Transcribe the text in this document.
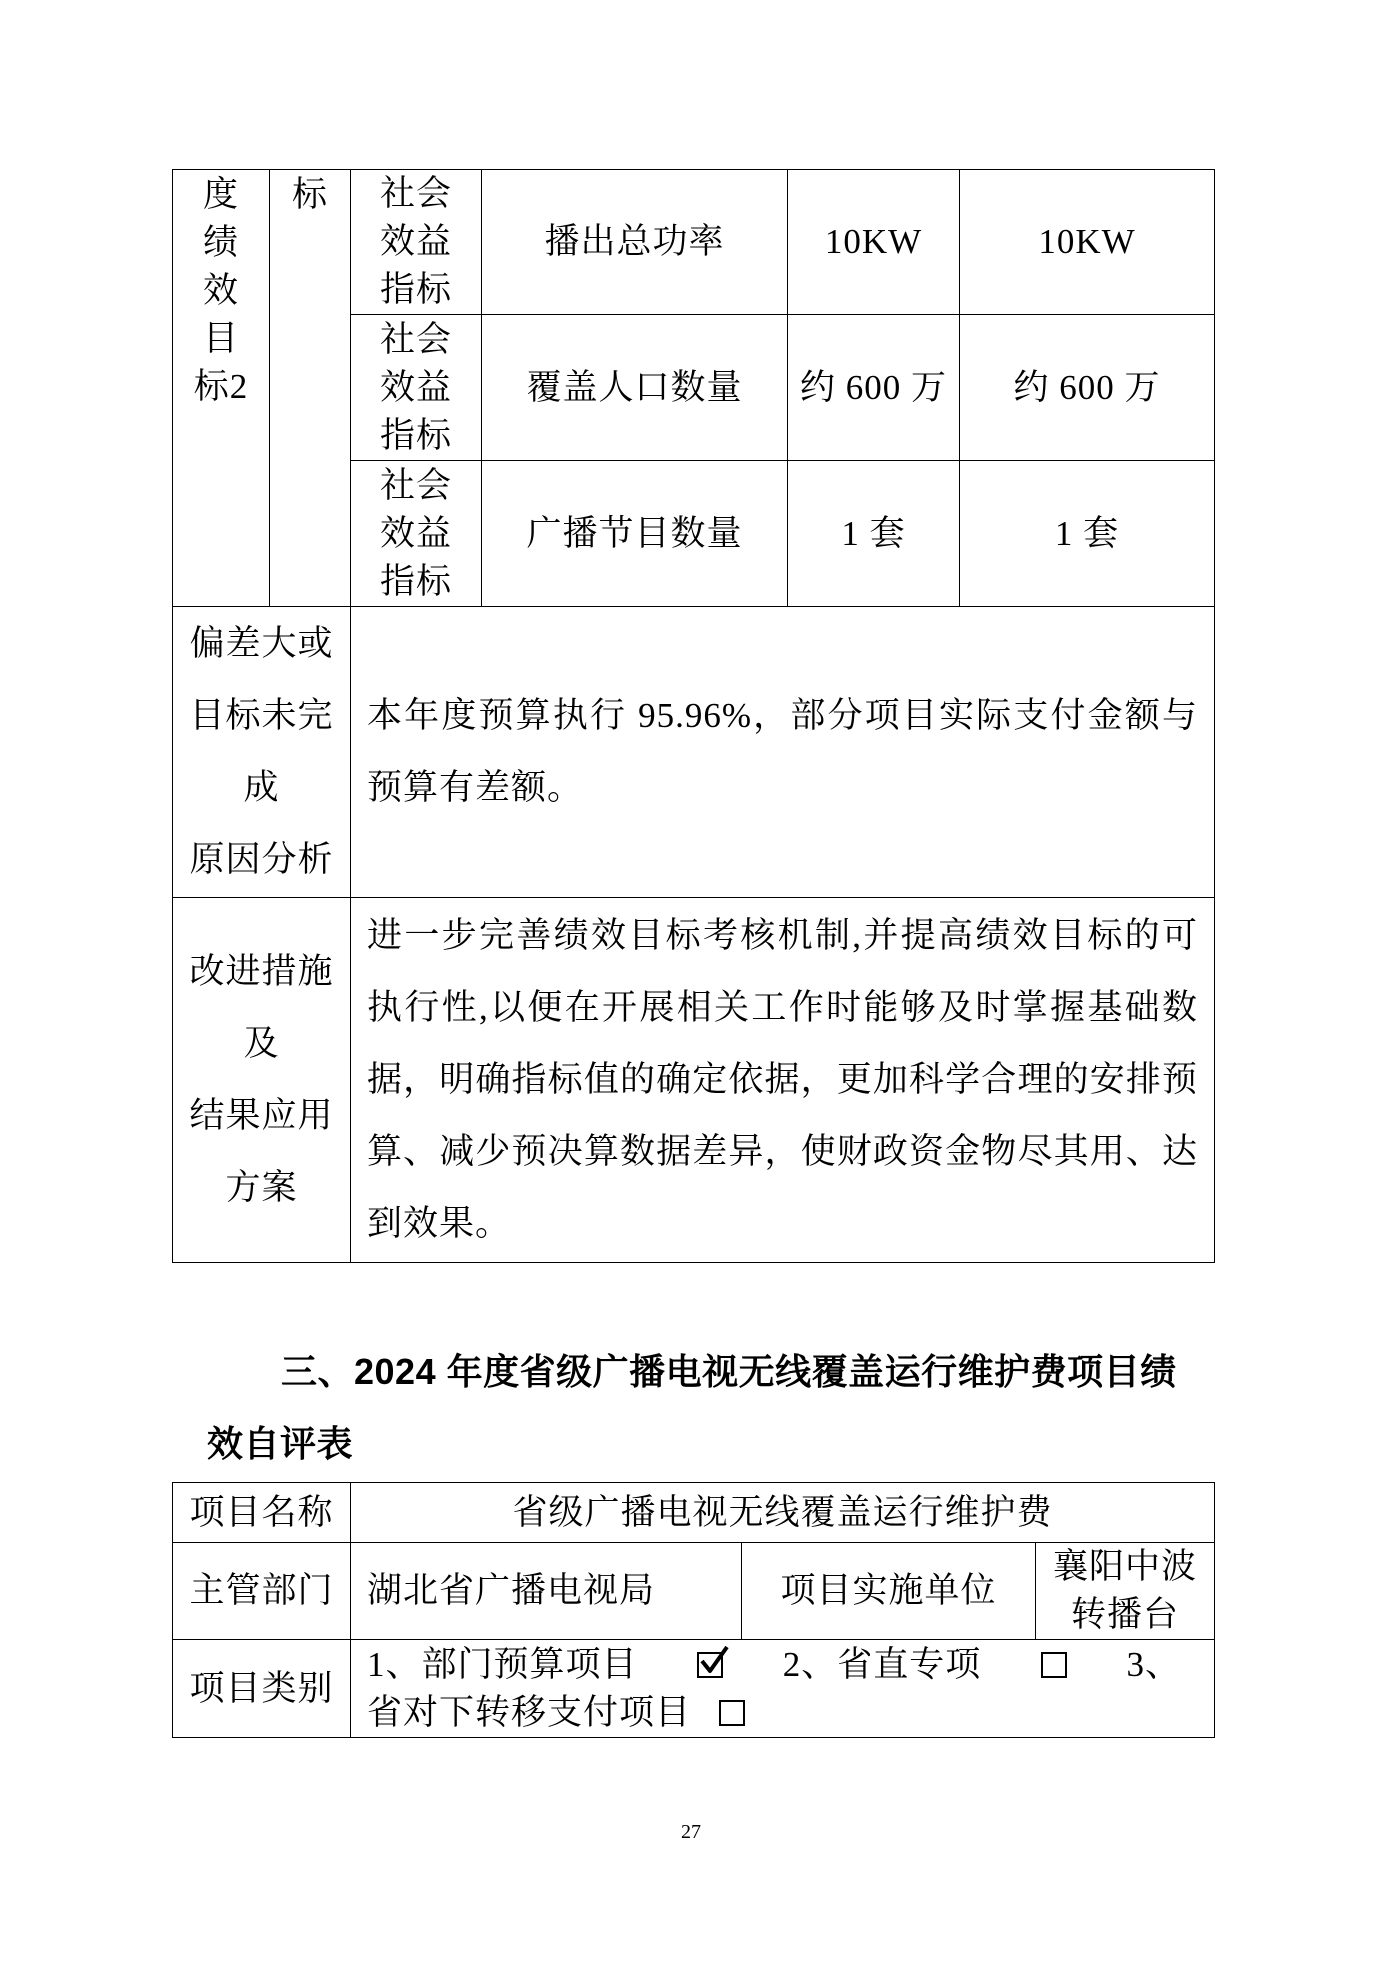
度
绩
效
目
标2	标	社会
效益
指标	播出总功率	10KW	10KW

		社会
效益
指标	覆盖人口数量	约 600 万	约 600 万

		社会
效益
指标	广播节目数量	1 套	1 套

偏差大或
目标未完
成
原因分析		本年度预算执行 95.96%，部分项目实际支付金额与
预算有差额。			

改进措施
及
结果应用
方案		进一步完善绩效目标考核机制,并提高绩效目标的可
执行性,以便在开展相关工作时能够及时掌握基础数
据，明确指标值的确定依据，更加科学合理的安排预
算、减少预决算数据差异，使财政资金物尽其用、达
到效果。			
三、2024 年度省级广播电视无线覆盖运行维护费项目绩
效自评表
项目名称	省级广播电视无线覆盖运行维护费		
主管部门	湖北省广播电视局	项目实施单位	襄阳中波
转播台

项目类别	1、部门预算项目 2、省直专项 3、
省对下转移支付项目		
27
